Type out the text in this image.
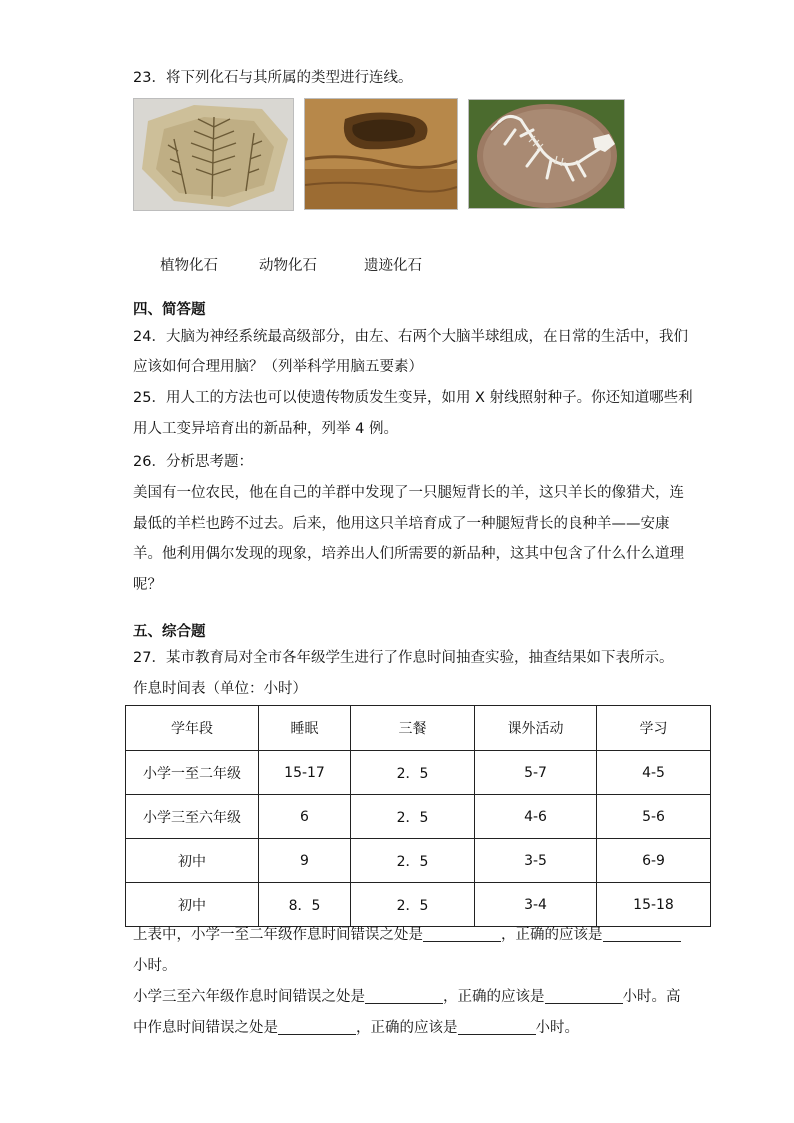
23．将下列化石与其所属的类型进行连线。
植物化石	动物化石	遗迹化石
四、简答题
24．大脑为神经系统最高级部分，由左、右两个大脑半球组成，在日常的生活中，我们
应该如何合理用脑？（列举科学用脑五要素）
25．用人工的方法也可以使遗传物质发生变异，如用 X 射线照射种子。你还知道哪些利
用人工变异培育出的新品种，列举 4 例。
26．分析思考题：
美国有一位农民，他在自己的羊群中发现了一只腿短背长的羊，这只羊长的像猎犬，连
最低的羊栏也跨不过去。后来，他用这只羊培育成了一种腿短背长的良种羊——安康
羊。他利用偶尔发现的现象，培养出人们所需要的新品种，这其中包含了什么什么道理
呢？
五、综合题
27．某市教育局对全市各年级学生进行了作息时间抽查实验，抽查结果如下表所示。
作息时间表（单位：小时）
学年段	睡眠	三餐	课外活动	学习
小学一至二年级	15-17	2．5	5-7	4-5
小学三至六年级	6	2．5	4-6	5-6
初中	9	2．5	3-5	6-9
初中	8．5	2．5	3-4	15-18
上表中，小学一至二年级作息时间错误之处是	，正确的应该是
小时。
小学三至六年级作息时间错误之处是	，正确的应该是	小时。高
中作息时间错误之处是	，正确的应该是	小时。
